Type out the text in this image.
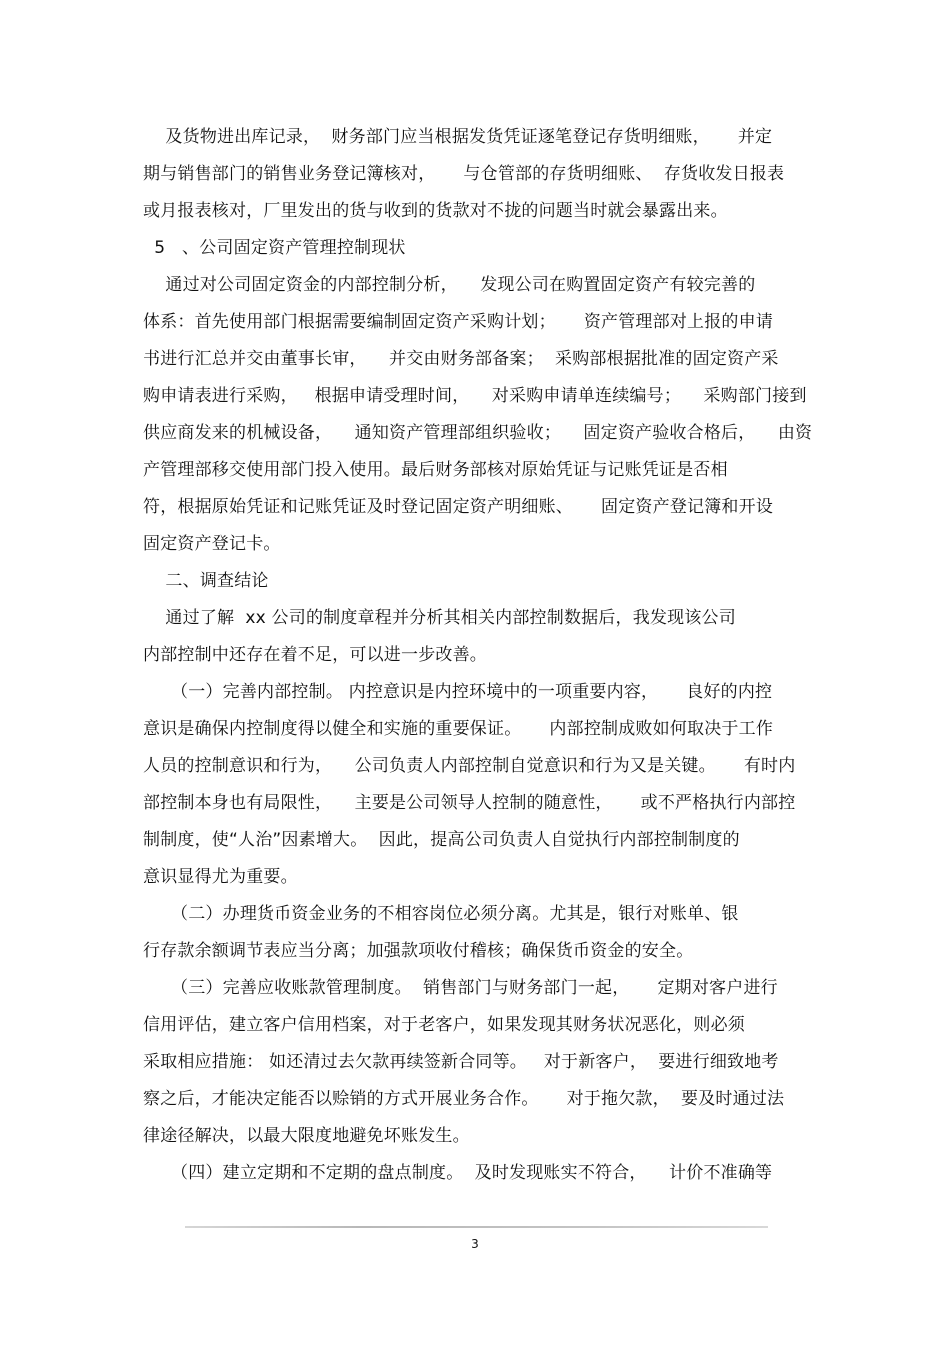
及货物进出库记录，  财务部门应当根据发货凭证逐笔登记存货明细账，     并定
期与销售部门的销售业务登记簿核对，     与仓管部的存货明细账、  存货收发日报表
或月报表核对，厂里发出的货与收到的货款对不拢的问题当时就会暴露出来。
5   、公司固定资产管理控制现状
通过对公司固定资金的内部控制分析，    发现公司在购置固定资产有较完善的
体系：首先使用部门根据需要编制固定资产采购计划；     资产管理部对上报的申请
书进行汇总并交由董事长审，    并交由财务部备案；  采购部根据批准的固定资产采
购申请表进行采购，   根据申请受理时间，    对采购申请单连续编号；    采购部门接到
供应商发来的机械设备，    通知资产管理部组织验收；    固定资产验收合格后，    由资
产管理部移交使用部门投入使用。最后财务部核对原始凭证与记账凭证是否相
符，根据原始凭证和记账凭证及时登记固定资产明细账、     固定资产登记簿和开设
固定资产登记卡。
二、调查结论
通过了解  xx 公司的制度章程并分析其相关内部控制数据后，我发现该公司
内部控制中还存在着不足，可以进一步改善。
（一）完善内部控制。 内控意识是内控环境中的一项重要内容，     良好的内控
意识是确保内控制度得以健全和实施的重要保证。     内部控制成败如何取决于工作
人员的控制意识和行为，    公司负责人内部控制自觉意识和行为又是关键。     有时内
部控制本身也有局限性，    主要是公司领导人控制的随意性，     或不严格执行内部控
制制度，使“人治”因素增大。  因此，提高公司负责人自觉执行内部控制制度的
意识显得尤为重要。
（二）办理货币资金业务的不相容岗位必须分离。尤其是，银行对账单、银
行存款余额调节表应当分离；加强款项收付稽核；确保货币资金的安全。
（三）完善应收账款管理制度。  销售部门与财务部门一起，     定期对客户进行
信用评估，建立客户信用档案，对于老客户，如果发现其财务状况恶化，则必须
采取相应措施： 如还清过去欠款再续签新合同等。   对于新客户，  要进行细致地考
察之后，才能决定能否以赊销的方式开展业务合作。     对于拖欠款，  要及时通过法
律途径解决，以最大限度地避免坏账发生。
（四）建立定期和不定期的盘点制度。  及时发现账实不符合，    计价不准确等
3
